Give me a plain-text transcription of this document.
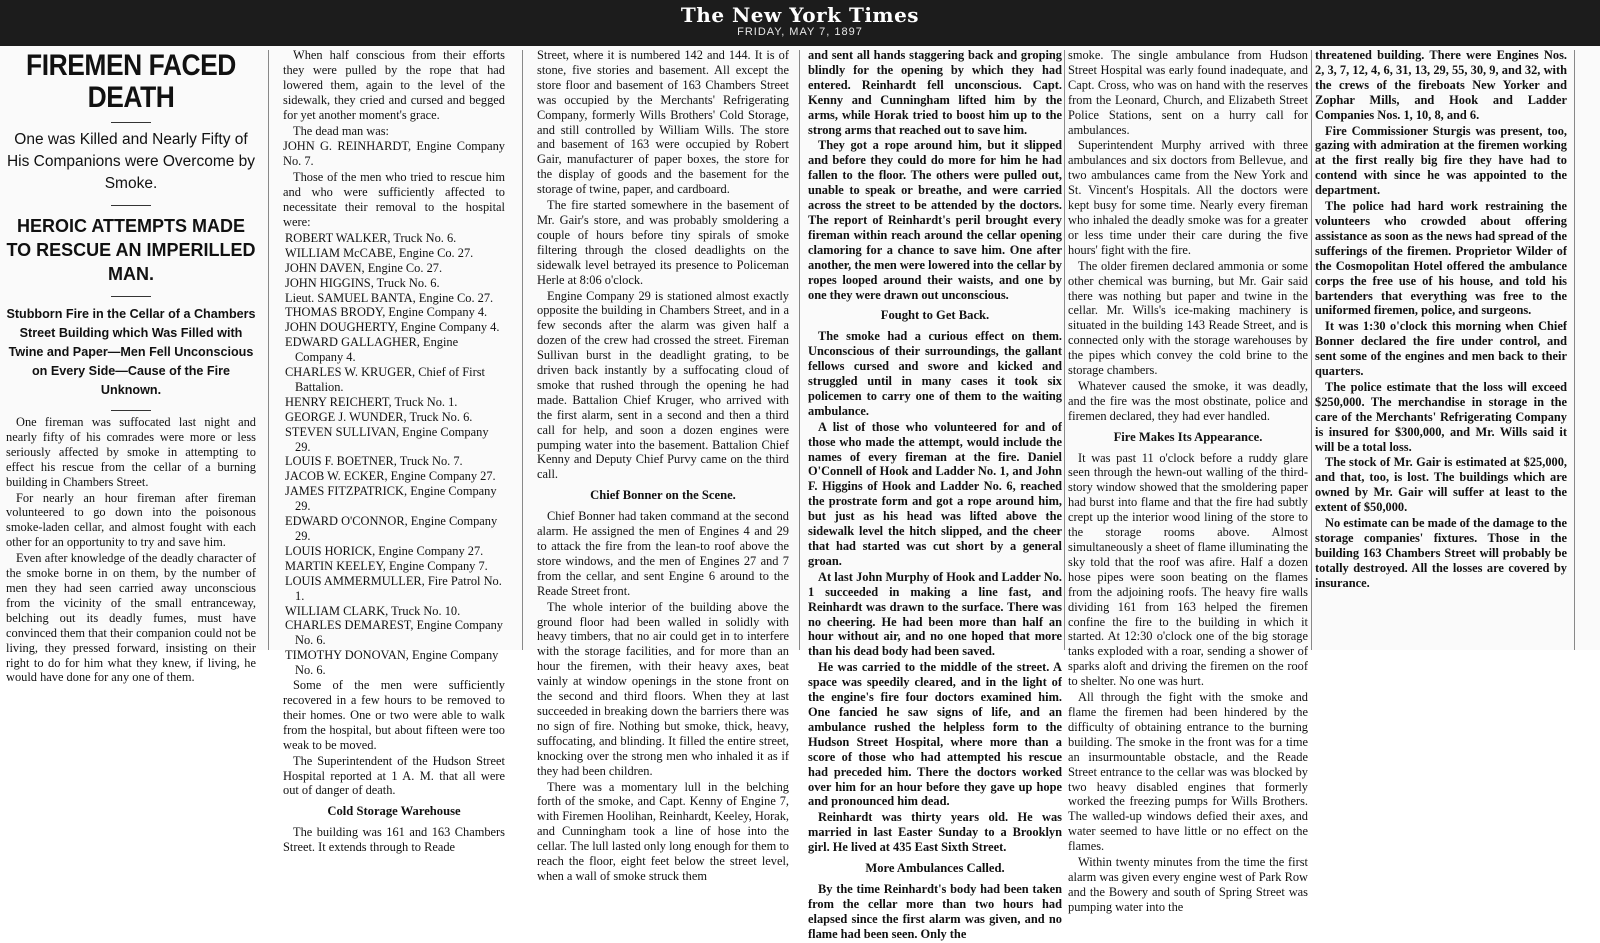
The New York Times
FRIDAY, MAY 7, 1897
FIREMEN FACED DEATH
One was Killed and Nearly Fifty of His Companions were Overcome by Smoke.
HEROIC ATTEMPTS MADE TO RESCUE AN IMPERILLED MAN.
Stubborn Fire in the Cellar of a Chambers Street Building which Was Filled with Twine and Paper—Men Fell Unconscious on Every Side—Cause of the Fire Unknown.

One fireman was suffocated last night and nearly fifty of his comrades were more or less seriously affected by smoke in attempting to effect his rescue from the cellar of a burning building in Chambers Street.

For nearly an hour fireman after fireman volunteered to go down into the poisonous smoke-laden cellar, and almost fought with each other for an opportunity to try and save him.

Even after knowledge of the deadly character of the smoke borne in on them, by the number of men they had seen carried away unconscious from the vicinity of the small entranceway, belching out its deadly fumes, must have convinced them that their companion could not be living, they pressed forward, insisting on their right to do for him what they knew, if living, he would have done for any one of them.

When half conscious from their efforts they were pulled by the rope that had lowered them, again to the level of the sidewalk, they cried and cursed and begged for yet another moment's grace.

The dead man was:

JOHN G. REINHARDT, Engine Company No. 7.

Those of the men who tried to rescue him and who were sufficiently affected to necessitate their removal to the hospital were:

ROBERT WALKER, Truck No. 6.
WILLIAM McCABE, Engine Co. 27.
JOHN DAVEN, Engine Co. 27.
JOHN HIGGINS, Truck No. 6.
Lieut. SAMUEL BANTA, Engine Co. 27.
THOMAS BRODY, Engine Company 4.
JOHN DOUGHERTY, Engine Company 4.
EDWARD GALLAGHER, Engine Company 4.
CHARLES W. KRUGER, Chief of First Battalion.
HENRY REICHERT, Truck No. 1.
GEORGE J. WUNDER, Truck No. 6.
STEVEN SULLIVAN, Engine Company 29.
LOUIS F. BOETNER, Truck No. 7.
JACOB W. ECKER, Engine Company 27.
JAMES FITZPATRICK, Engine Company 29.
EDWARD O'CONNOR, Engine Company 29.
LOUIS HORICK, Engine Company 27.
MARTIN KEELEY, Engine Company 7.
LOUIS AMMERMULLER, Fire Patrol No. 1.
WILLIAM CLARK, Truck No. 10.
CHARLES DEMAREST, Engine Company No. 6.
TIMOTHY DONOVAN, Engine Company No. 6.

Some of the men were sufficiently recovered in a few hours to be removed to their homes. One or two were able to walk from the hospital, but about fifteen were too weak to be moved.

The Superintendent of the Hudson Street Hospital reported at 1 A. M. that all were out of danger of death.

Cold Storage Warehouse

The building was 161 and 163 Chambers Street. It extends through to Reade

Street, where it is numbered 142 and 144. It is of stone, five stories and basement. All except the store floor and basement of 163 Chambers Street was occupied by the Merchants' Refrigerating Company, formerly Wills Brothers' Cold Storage, and still controlled by William Wills. The store and basement of 163 were occupied by Robert Gair, manufacturer of paper boxes, the store for the display of goods and the basement for the storage of twine, paper, and cardboard.

The fire started somewhere in the basement of Mr. Gair's store, and was probably smoldering a couple of hours before tiny spirals of smoke filtering through the closed deadlights on the sidewalk level betrayed its presence to Policeman Herle at 8:06 o'clock.

Engine Company 29 is stationed almost exactly opposite the building in Chambers Street, and in a few seconds after the alarm was given half a dozen of the crew had crossed the street. Fireman Sullivan burst in the deadlight grating, to be driven back instantly by a suffocating cloud of smoke that rushed through the opening he had made. Battalion Chief Kruger, who arrived with the first alarm, sent in a second and then a third call for help, and soon a dozen engines were pumping water into the basement. Battalion Chief Kenny and Deputy Chief Purvy came on the third call.

Chief Bonner on the Scene.

Chief Bonner had taken command at the second alarm. He assigned the men of Engines 4 and 29 to attack the fire from the lean-to roof above the store windows, and the men of Engines 27 and 7 from the cellar, and sent Engine 6 around to the Reade Street front.

The whole interior of the building above the ground floor had been walled in solidly with heavy timbers, that no air could get in to interfere with the storage facilities, and for more than an hour the firemen, with their heavy axes, beat vainly at window openings in the stone front on the second and third floors. When they at last succeeded in breaking down the barriers there was no sign of fire. Nothing but smoke, thick, heavy, suffocating, and blinding. It filled the entire street, knocking over the strong men who inhaled it as if they had been children.

There was a momentary lull in the belching forth of the smoke, and Capt. Kenny of Engine 7, with Firemen Hoolihan, Reinhardt, Keeley, Horak, and Cunningham took a line of hose into the cellar. The lull lasted only long enough for them to reach the floor, eight feet below the street level, when a wall of smoke struck them

and sent all hands staggering back and groping blindly for the opening by which they had entered. Reinhardt fell unconscious. Capt. Kenny and Cunningham lifted him by the arms, while Horak tried to boost him up to the strong arms that reached out to save him.

They got a rope around him, but it slipped and before they could do more for him he had fallen to the floor. The others were pulled out, unable to speak or breathe, and were carried across the street to be attended by the doctors. The report of Reinhardt's peril brought every fireman within reach around the cellar opening clamoring for a chance to save him. One after another, the men were lowered into the cellar by ropes looped around their waists, and one by one they were drawn out unconscious.

Fought to Get Back.

The smoke had a curious effect on them. Unconscious of their surroundings, the gallant fellows cursed and swore and kicked and struggled until in many cases it took six policemen to carry one of them to the waiting ambulance.

A list of those who volunteered for and of those who made the attempt, would include the names of every fireman at the fire. Daniel O'Connell of Hook and Ladder No. 1, and John F. Higgins of Hook and Ladder No. 6, reached the prostrate form and got a rope around him, but just as his head was lifted above the sidewalk level the hitch slipped, and the cheer that had started was cut short by a general groan.

At last John Murphy of Hook and Ladder No. 1 succeeded in making a line fast, and Reinhardt was drawn to the surface. There was no cheering. He had been more than half an hour without air, and no one hoped that more than his dead body had been saved.

He was carried to the middle of the street. A space was speedily cleared, and in the light of the engine's fire four doctors examined him. One fancied he saw signs of life, and an ambulance rushed the helpless form to the Hudson Street Hospital, where more than a score of those who had attempted his rescue had preceded him. There the doctors worked over him for an hour before they gave up hope and pronounced him dead.

Reinhardt was thirty years old. He was married in last Easter Sunday to a Brooklyn girl. He lived at 435 East Sixth Street.

More Ambulances Called.

By the time Reinhardt's body had been taken from the cellar more than two hours had elapsed since the first alarm was given, and no flame had been seen. Only the

smoke. The single ambulance from Hudson Street Hospital was early found inadequate, and Capt. Cross, who was on hand with the reserves from the Leonard, Church, and Elizabeth Street Police Stations, sent on a hurry call for ambulances.

Superintendent Murphy arrived with three ambulances and six doctors from Bellevue, and two ambulances came from the New York and St. Vincent's Hospitals. All the doctors were kept busy for some time. Nearly every fireman who inhaled the deadly smoke was for a greater or less time under their care during the five hours' fight with the fire.

The older firemen declared ammonia or some other chemical was burning, but Mr. Gair said there was nothing but paper and twine in the cellar. Mr. Wills's ice-making machinery is situated in the building 143 Reade Street, and is connected only with the storage warehouses by the pipes which convey the cold brine to the storage chambers.

Whatever caused the smoke, it was deadly, and the fire was the most obstinate, police and firemen declared, they had ever handled.

Fire Makes Its Appearance.

It was past 11 o'clock before a ruddy glare seen through the hewn-out walling of the third-story window showed that the smoldering paper had burst into flame and that the fire had subtly crept up the interior wood lining of the store to the storage rooms above. Almost simultaneously a sheet of flame illuminating the sky told that the roof was afire. Half a dozen hose pipes were soon beating on the flames from the adjoining roofs. The heavy fire walls dividing 161 from 163 helped the firemen confine the fire to the building in which it started. At 12:30 o'clock one of the big storage tanks exploded with a roar, sending a shower of sparks aloft and driving the firemen on the roof to shelter. No one was hurt.

All through the fight with the smoke and flame the firemen had been hindered by the difficulty of obtaining entrance to the burning building. The smoke in the front was for a time an insurmountable obstacle, and the Reade Street entrance to the cellar was was blocked by two heavy disabled engines that formerly worked the freezing pumps for Wills Brothers. The walled-up windows defied their axes, and water seemed to have little or no effect on the flames.

Within twenty minutes from the time the first alarm was given every engine west of Park Row and the Bowery and south of Spring Street was pumping water into the

threatened building. There were Engines Nos. 2, 3, 7, 12, 4, 6, 31, 13, 29, 55, 30, 9, and 32, with the crews of the fireboats New Yorker and Zophar Mills, and Hook and Ladder Companies Nos. 1, 10, 8, and 6.

Fire Commissioner Sturgis was present, too, gazing with admiration at the firemen working at the first really big fire they have had to contend with since he was appointed to the department.

The police had hard work restraining the volunteers who crowded about offering assistance as soon as the news had spread of the sufferings of the firemen. Proprietor Wilder of the Cosmopolitan Hotel offered the ambulance corps the free use of his house, and told his bartenders that everything was free to the uniformed firemen, police, and surgeons.

It was 1:30 o'clock this morning when Chief Bonner declared the fire under control, and sent some of the engines and men back to their quarters.

The police estimate that the loss will exceed $250,000. The merchandise in storage in the care of the Merchants' Refrigerating Company is insured for $300,000, and Mr. Wills said it will be a total loss.

The stock of Mr. Gair is estimated at $25,000, and that, too, is lost. The buildings which are owned by Mr. Gair will suffer at least to the extent of $50,000.

No estimate can be made of the damage to the storage companies' fixtures. Those in the building 163 Chambers Street will probably be totally destroyed. All the losses are covered by insurance.
